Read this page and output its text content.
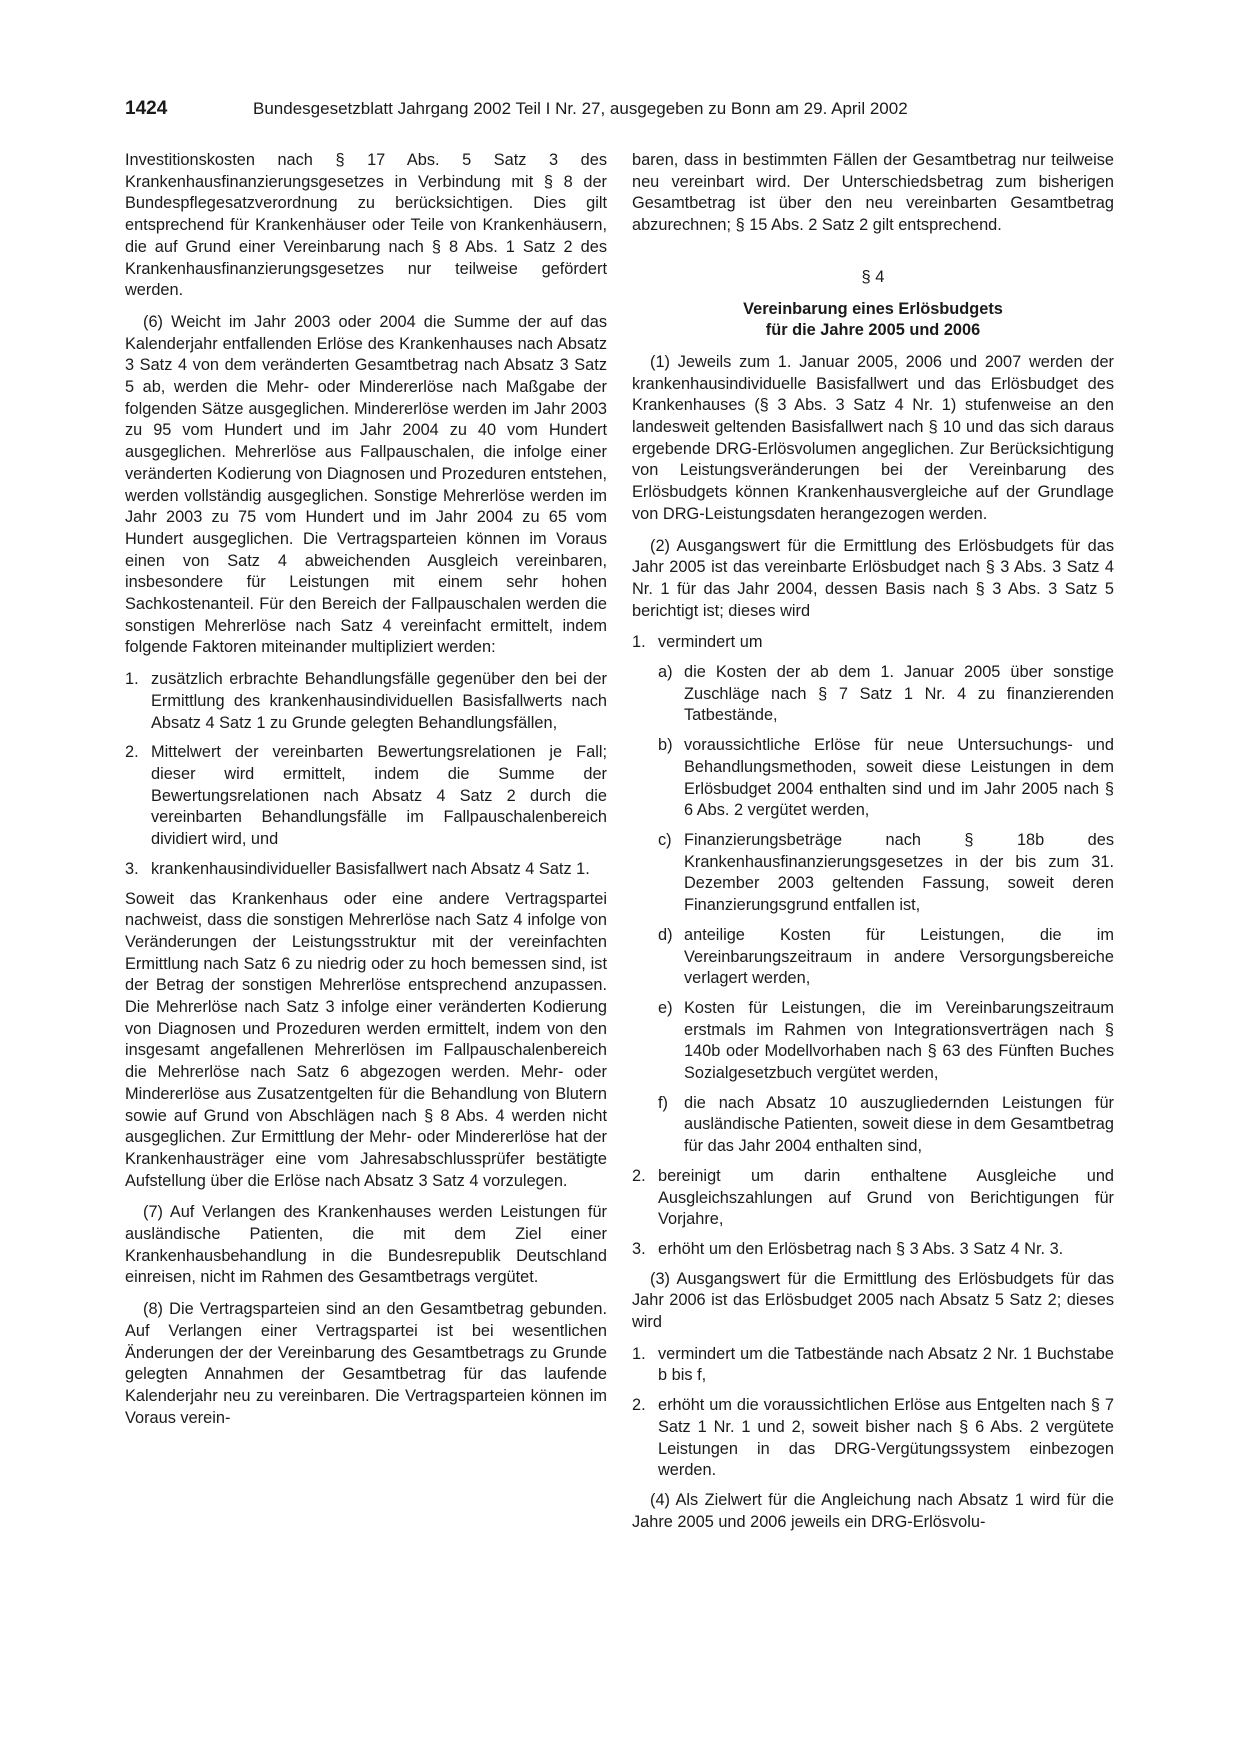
1424	Bundesgesetzblatt Jahrgang 2002 Teil I Nr. 27, ausgegeben zu Bonn am 29. April 2002

Investitionskosten nach § 17 Abs. 5 Satz 3 des Krankenhausfinanzierungsgesetzes in Verbindung mit § 8 der Bundespflegesatzverordnung zu berücksichtigen. Dies gilt entsprechend für Krankenhäuser oder Teile von Krankenhäusern, die auf Grund einer Vereinbarung nach § 8 Abs. 1 Satz 2 des Krankenhausfinanzierungsgesetzes nur teilweise gefördert werden.

(6) Weicht im Jahr 2003 oder 2004 die Summe der auf das Kalenderjahr entfallenden Erlöse des Krankenhauses nach Absatz 3 Satz 4 von dem veränderten Gesamtbetrag nach Absatz 3 Satz 5 ab, werden die Mehr- oder Mindererlöse nach Maßgabe der folgenden Sätze ausgeglichen. Mindererlöse werden im Jahr 2003 zu 95 vom Hundert und im Jahr 2004 zu 40 vom Hundert ausgeglichen. Mehrerlöse aus Fallpauschalen, die infolge einer veränderten Kodierung von Diagnosen und Prozeduren entstehen, werden vollständig ausgeglichen. Sonstige Mehrerlöse werden im Jahr 2003 zu 75 vom Hundert und im Jahr 2004 zu 65 vom Hundert ausgeglichen. Die Vertragsparteien können im Voraus einen von Satz 4 abweichenden Ausgleich vereinbaren, insbesondere für Leistungen mit einem sehr hohen Sachkostenanteil. Für den Bereich der Fallpauschalen werden die sonstigen Mehrerlöse nach Satz 4 vereinfacht ermittelt, indem folgende Faktoren miteinander multipliziert werden:

1. zusätzlich erbrachte Behandlungsfälle gegenüber den bei der Ermittlung des krankenhausindividuellen Basisfallwerts nach Absatz 4 Satz 1 zu Grunde gelegten Behandlungsfällen,
2. Mittelwert der vereinbarten Bewertungsrelationen je Fall; dieser wird ermittelt, indem die Summe der Bewertungsrelationen nach Absatz 4 Satz 2 durch die vereinbarten Behandlungsfälle im Fallpauschalenbereich dividiert wird, und
3. krankenhausindividueller Basisfallwert nach Absatz 4 Satz 1.

Soweit das Krankenhaus oder eine andere Vertragspartei nachweist, dass die sonstigen Mehrerlöse nach Satz 4 infolge von Veränderungen der Leistungsstruktur mit der vereinfachten Ermittlung nach Satz 6 zu niedrig oder zu hoch bemessen sind, ist der Betrag der sonstigen Mehrerlöse entsprechend anzupassen. Die Mehrerlöse nach Satz 3 infolge einer veränderten Kodierung von Diagnosen und Prozeduren werden ermittelt, indem von den insgesamt angefallenen Mehrerlösen im Fallpauschalenbereich die Mehrerlöse nach Satz 6 abgezogen werden. Mehr- oder Mindererlöse aus Zusatzentgelten für die Behandlung von Blutern sowie auf Grund von Abschlägen nach § 8 Abs. 4 werden nicht ausgeglichen. Zur Ermittlung der Mehr- oder Mindererlöse hat der Krankenhausträger eine vom Jahresabschlussprüfer bestätigte Aufstellung über die Erlöse nach Absatz 3 Satz 4 vorzulegen.

(7) Auf Verlangen des Krankenhauses werden Leistungen für ausländische Patienten, die mit dem Ziel einer Krankenhausbehandlung in die Bundesrepublik Deutschland einreisen, nicht im Rahmen des Gesamtbetrags vergütet.

(8) Die Vertragsparteien sind an den Gesamtbetrag gebunden. Auf Verlangen einer Vertragspartei ist bei wesentlichen Änderungen der der Vereinbarung des Gesamtbetrags zu Grunde gelegten Annahmen der Gesamtbetrag für das laufende Kalenderjahr neu zu vereinbaren. Die Vertragsparteien können im Voraus verein-

baren, dass in bestimmten Fällen der Gesamtbetrag nur teilweise neu vereinbart wird. Der Unterschiedsbetrag zum bisherigen Gesamtbetrag ist über den neu vereinbarten Gesamtbetrag abzurechnen; § 15 Abs. 2 Satz 2 gilt entsprechend.

§ 4
Vereinbarung eines Erlösbudgets
für die Jahre 2005 und 2006

(1) Jeweils zum 1. Januar 2005, 2006 und 2007 werden der krankenhausindividuelle Basisfallwert und das Erlösbudget des Krankenhauses (§ 3 Abs. 3 Satz 4 Nr. 1) stufenweise an den landesweit geltenden Basisfallwert nach § 10 und das sich daraus ergebende DRG-Erlösvolumen angeglichen. Zur Berücksichtigung von Leistungsveränderungen bei der Vereinbarung des Erlösbudgets können Krankenhausvergleiche auf der Grundlage von DRG-Leistungsdaten herangezogen werden.

(2) Ausgangswert für die Ermittlung des Erlösbudgets für das Jahr 2005 ist das vereinbarte Erlösbudget nach § 3 Abs. 3 Satz 4 Nr. 1 für das Jahr 2004, dessen Basis nach § 3 Abs. 3 Satz 5 berichtigt ist; dieses wird

1. vermindert um
a) die Kosten der ab dem 1. Januar 2005 über sonstige Zuschläge nach § 7 Satz 1 Nr. 4 zu finanzierenden Tatbestände,
b) voraussichtliche Erlöse für neue Untersuchungs- und Behandlungsmethoden, soweit diese Leistungen in dem Erlösbudget 2004 enthalten sind und im Jahr 2005 nach § 6 Abs. 2 vergütet werden,
c) Finanzierungsbeträge nach § 18b des Krankenhausfinanzierungsgesetzes in der bis zum 31. Dezember 2003 geltenden Fassung, soweit deren Finanzierungsgrund entfallen ist,
d) anteilige Kosten für Leistungen, die im Vereinbarungszeitraum in andere Versorgungsbereiche verlagert werden,
e) Kosten für Leistungen, die im Vereinbarungszeitraum erstmals im Rahmen von Integrationsverträgen nach § 140b oder Modellvorhaben nach § 63 des Fünften Buches Sozialgesetzbuch vergütet werden,
f) die nach Absatz 10 auszugliedernden Leistungen für ausländische Patienten, soweit diese in dem Gesamtbetrag für das Jahr 2004 enthalten sind,
2. bereinigt um darin enthaltene Ausgleiche und Ausgleichszahlungen auf Grund von Berichtigungen für Vorjahre,
3. erhöht um den Erlösbetrag nach § 3 Abs. 3 Satz 4 Nr. 3.

(3) Ausgangswert für die Ermittlung des Erlösbudgets für das Jahr 2006 ist das Erlösbudget 2005 nach Absatz 5 Satz 2; dieses wird

1. vermindert um die Tatbestände nach Absatz 2 Nr. 1 Buchstabe b bis f,
2. erhöht um die voraussichtlichen Erlöse aus Entgelten nach § 7 Satz 1 Nr. 1 und 2, soweit bisher nach § 6 Abs. 2 vergütete Leistungen in das DRG-Vergütungssystem einbezogen werden.

(4) Als Zielwert für die Angleichung nach Absatz 1 wird für die Jahre 2005 und 2006 jeweils ein DRG-Erlösvolu-
